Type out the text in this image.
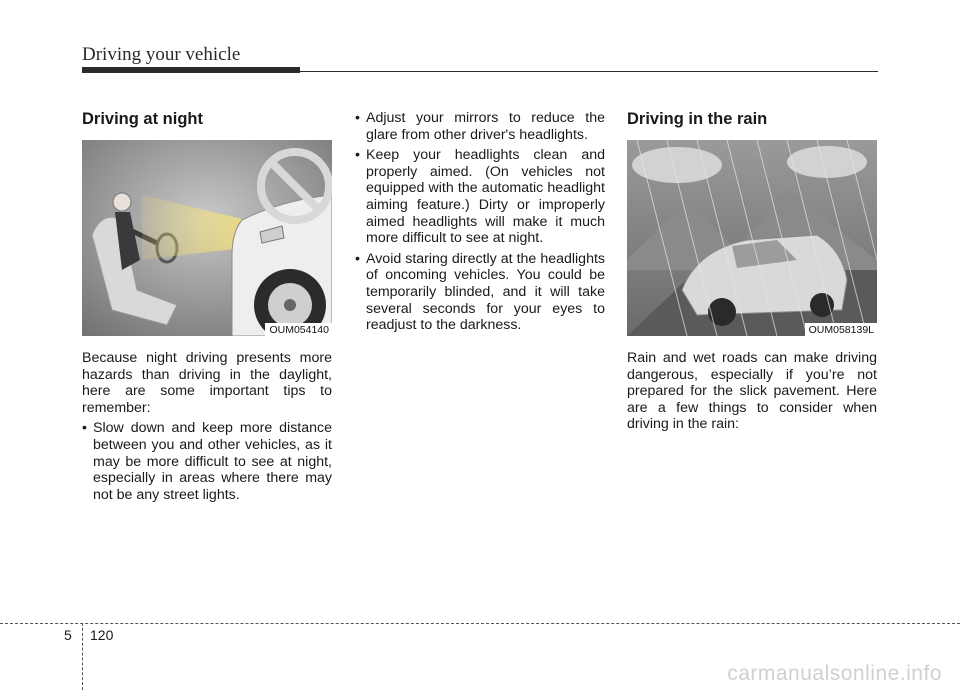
Driving your vehicle
Driving at night
OUM054140

Because night driving presents more hazards than driving in the daylight, here are some important tips to remember:

• Slow down and keep more distance between you and other vehicles, as it may be more difficult to see at night, especially in areas where there may not be any street lights.
• Adjust your mirrors to reduce the glare from other driver's headlights.
• Keep your headlights clean and properly aimed. (On vehicles not equipped with the automatic headlight aiming feature.) Dirty or improperly aimed headlights will make it much more difficult to see at night.
• Avoid staring directly at the headlights of oncoming vehicles. You could be temporarily blinded, and it will take several seconds for your eyes to readjust to the darkness.
Driving in the rain
OUM058139L

Rain and wet roads can make driving dangerous, especially if you’re not prepared for the slick pavement. Here are a few things to consider when driving in the rain:

5 120
carmanualsonline.info
